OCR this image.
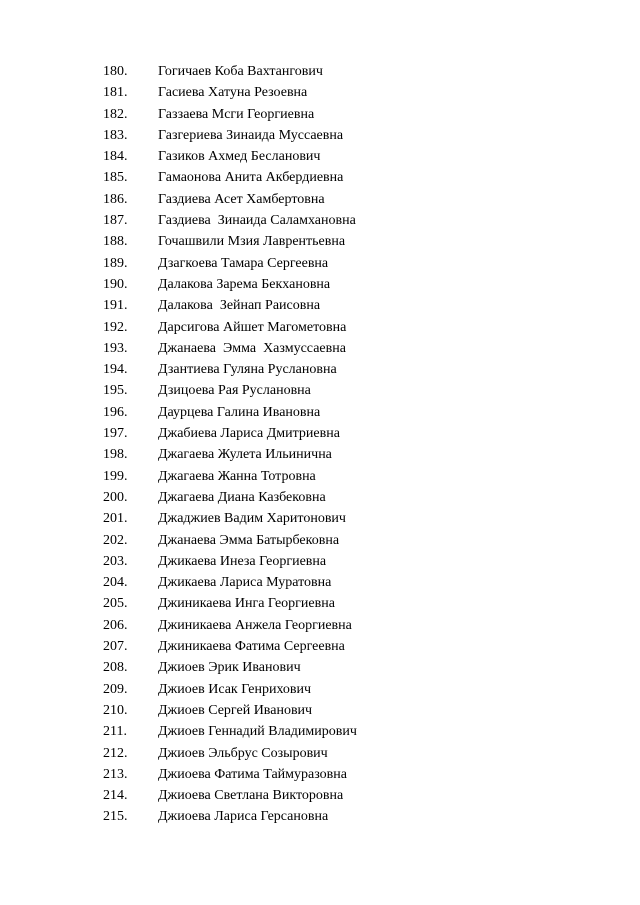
180.	Гогичаев Коба Вахтангович
181.	Гасиева Хатуна Резоевна
182.	Газзаева Мсги Георгиевна
183.	Газгериева Зинаида Муссаевна
184.	Газиков Ахмед Бесланович
185.	Гамаонова Анита Акбердиевна
186.	Газдиева Асет Хамбертовна
187.	Газдиева  Зинаида Саламхановна
188.	Гочашвили Мзия Лаврентьевна
189.	Дзагкоева Тамара Сергеевна
190.	Далакова Зарема Бекхановна
191.	Далакова  Зейнап Раисовна
192.	Дарсигова Айшет Магометовна
193.	Джанаева  Эмма  Хазмуссаевна
194.	Дзантиева Гуляна Руслановна
195.	Дзицоева Рая Руслановна
196.	Даурцева Галина Ивановна
197.	Джабиева Лариса Дмитриевна
198.	Джагаева Жулета Ильинична
199.	Джагаева Жанна Тотровна
200.	Джагаева Диана Казбековна
201.	Джаджиев Вадим Харитонович
202.	Джанаева Эмма Батырбековна
203.	Джикаева Инеза Георгиевна
204.	Джикаева Лариса Муратовна
205.	Джиникаева Инга Георгиевна
206.	Джиникаева Анжела Георгиевна
207.	Джиникаева Фатима Сергеевна
208.	Джиоев Эрик Иванович
209.	Джиоев Исак Генрихович
210.	Джиоев Сергей Иванович
211.	Джиоев Геннадий Владимирович
212.	Джиоев Эльбрус Созырович
213.	Джиоева Фатима Таймуразовна
214.	Джиоева Светлана Викторовна
215.	Джиоева Лариса Герсановна
